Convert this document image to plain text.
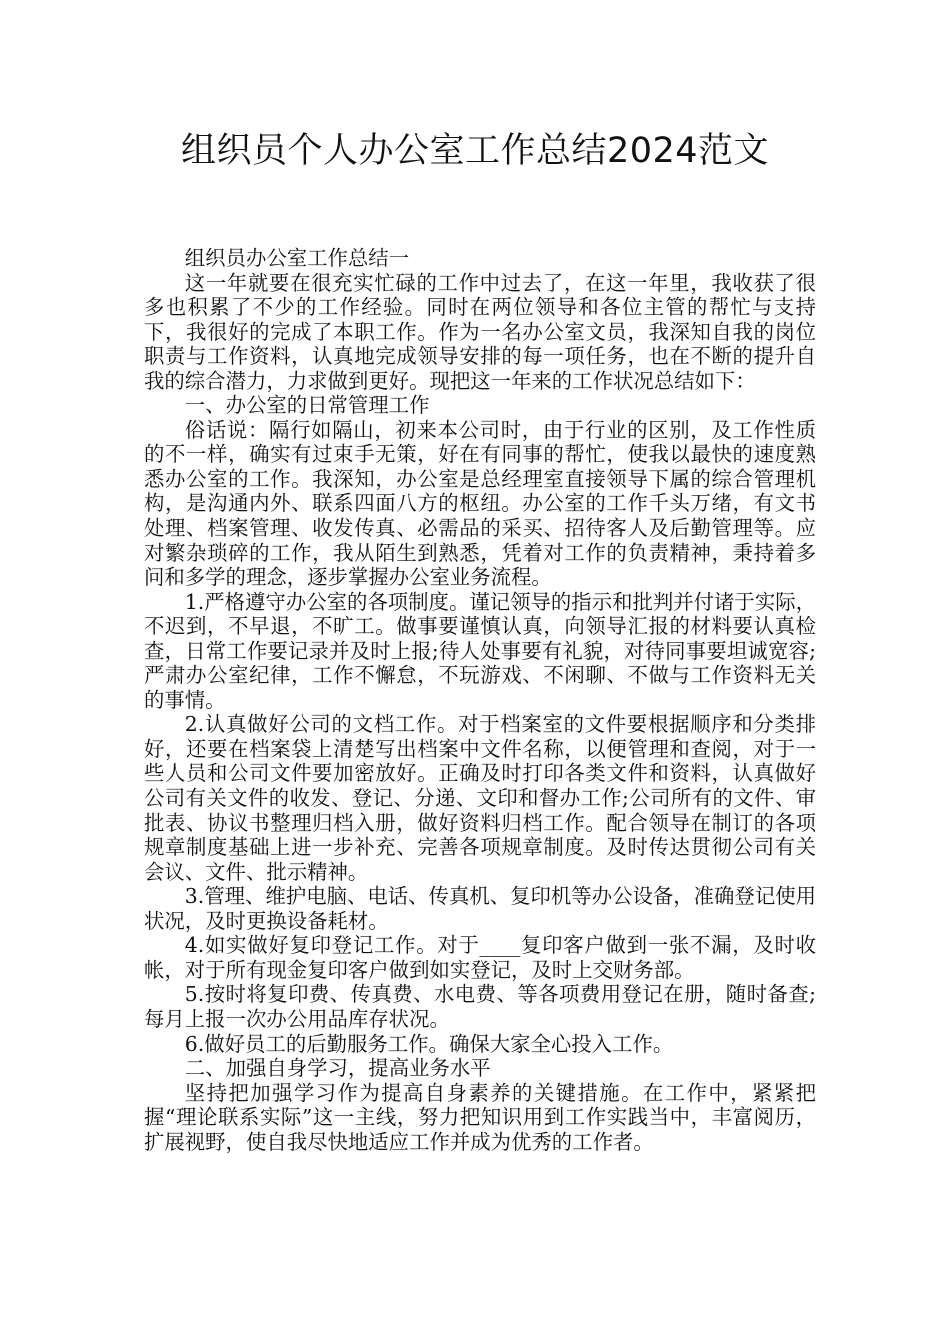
组织员个人办公室工作总结2024范文

组织员办公室工作总结一

这一年就要在很充实忙碌的工作中过去了，在这一年里，我收获了很多也积累了不少的工作经验。同时在两位领导和各位主管的帮忙与支持下，我很好的完成了本职工作。作为一名办公室文员，我深知自我的岗位职责与工作资料，认真地完成领导安排的每一项任务，也在不断的提升自我的综合潜力，力求做到更好。现把这一年来的工作状况总结如下：

一、办公室的日常管理工作

俗话说：隔行如隔山，初来本公司时，由于行业的区别，及工作性质的不一样，确实有过束手无策，好在有同事的帮忙，使我以最快的速度熟悉办公室的工作。我深知，办公室是总经理室直接领导下属的综合管理机构，是沟通内外、联系四面八方的枢纽。办公室的工作千头万绪，有文书处理、档案管理、收发传真、必需品的采买、招待客人及后勤管理等。应对繁杂琐碎的工作，我从陌生到熟悉，凭着对工作的负责精神，秉持着多问和多学的理念，逐步掌握办公室业务流程。

1.严格遵守办公室的各项制度。谨记领导的指示和批判并付诸于实际，不迟到，不早退，不旷工。做事要谨慎认真，向领导汇报的材料要认真检查，日常工作要记录并及时上报;待人处事要有礼貌，对待同事要坦诚宽容;严肃办公室纪律，工作不懈怠，不玩游戏、不闲聊、不做与工作资料无关的事情。

2.认真做好公司的文档工作。对于档案室的文件要根据顺序和分类排好，还要在档案袋上清楚写出档案中文件名称，以便管理和查阅，对于一些人员和公司文件要加密放好。正确及时打印各类文件和资料，认真做好公司有关文件的收发、登记、分递、文印和督办工作;公司所有的文件、审批表、协议书整理归档入册，做好资料归档工作。配合领导在制订的各项规章制度基础上进一步补充、完善各项规章制度。及时传达贯彻公司有关会议、文件、批示精神。

3.管理、维护电脑、电话、传真机、复印机等办公设备，准确登记使用状况，及时更换设备耗材。

4.如实做好复印登记工作。对于____复印客户做到一张不漏，及时收帐，对于所有现金复印客户做到如实登记，及时上交财务部。

5.按时将复印费、传真费、水电费、等各项费用登记在册，随时备查;每月上报一次办公用品库存状况。

6.做好员工的后勤服务工作。确保大家全心投入工作。

二、加强自身学习，提高业务水平

坚持把加强学习作为提高自身素养的关键措施。在工作中，紧紧把握“理论联系实际”这一主线，努力把知识用到工作实践当中，丰富阅历，扩展视野，使自我尽快地适应工作并成为优秀的工作者。
